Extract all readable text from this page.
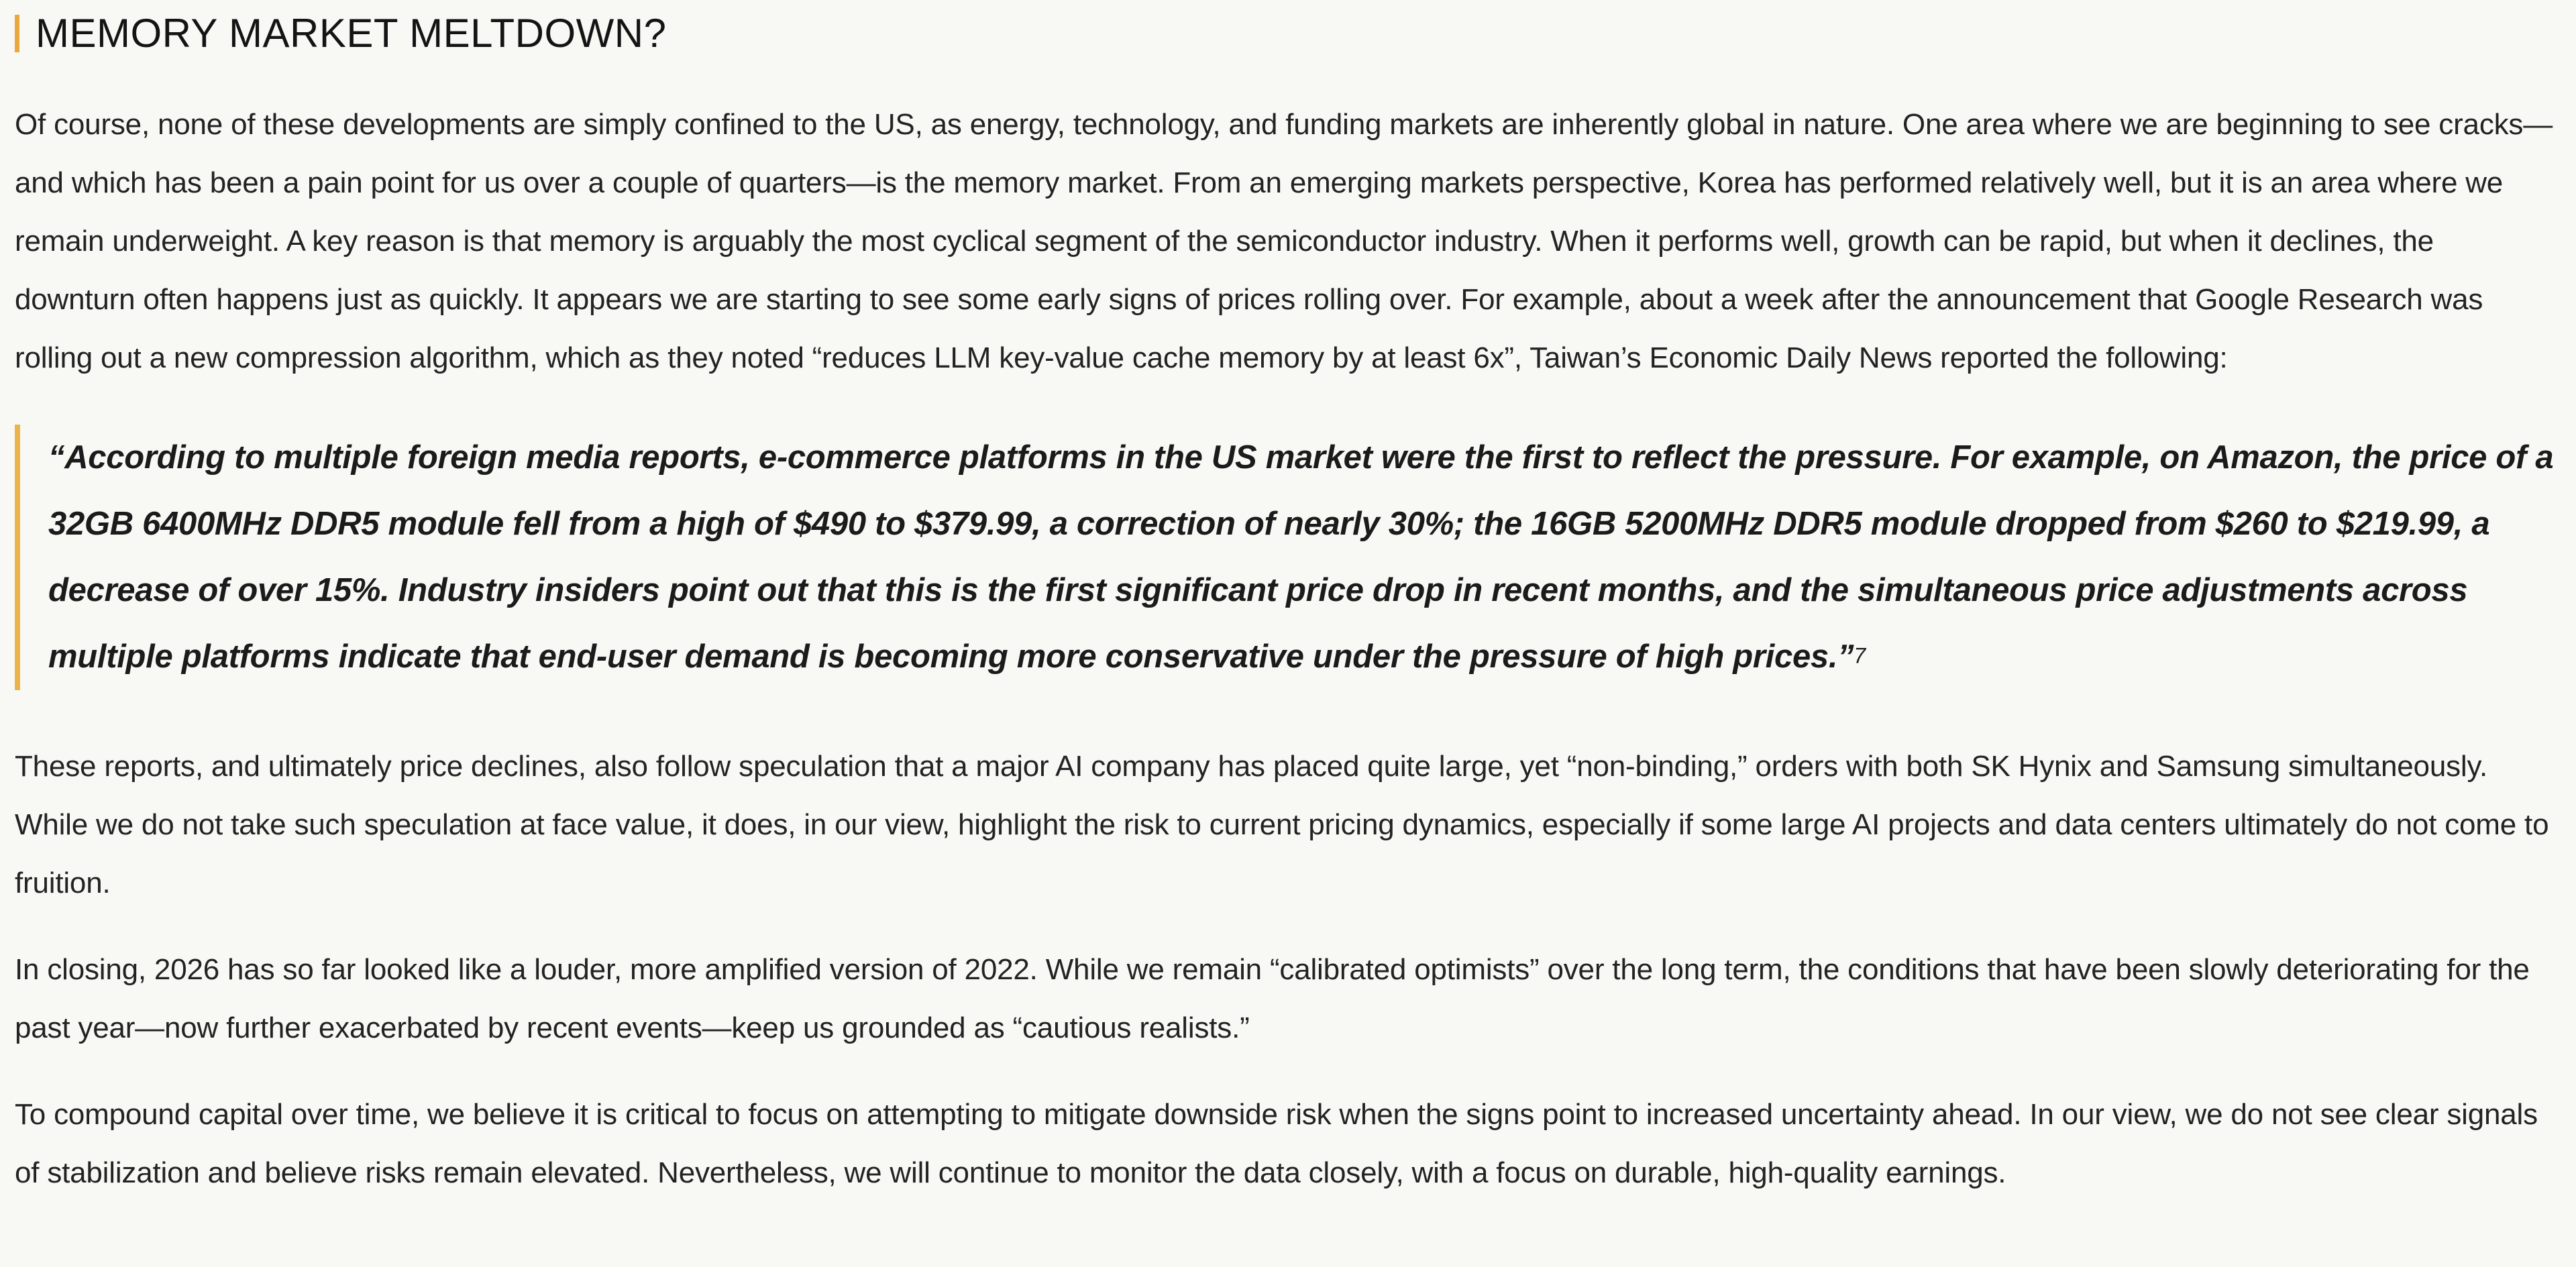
MEMORY MARKET MELTDOWN?

Of course, none of these developments are simply confined to the US, as energy, technology, and funding markets are inherently global in nature. One area where we are beginning to see cracks—and which has been a pain point for us over a couple of quarters—is the memory market. From an emerging markets perspective, Korea has performed relatively well, but it is an area where we remain underweight. A key reason is that memory is arguably the most cyclical segment of the semiconductor industry. When it performs well, growth can be rapid, but when it declines, the downturn often happens just as quickly. It appears we are starting to see some early signs of prices rolling over. For example, about a week after the announcement that Google Research was rolling out a new compression algorithm, which as they noted “reduces LLM key-value cache memory by at least 6x”, Taiwan’s Economic Daily News reported the following:

“According to multiple foreign media reports, e-commerce platforms in the US market were the first to reflect the pressure. For example, on Amazon, the price of a 32GB 6400MHz DDR5 module fell from a high of $490 to $379.99, a correction of nearly 30%; the 16GB 5200MHz DDR5 module dropped from $260 to $219.99, a decrease of over 15%. Industry insiders point out that this is the first significant price drop in recent months, and the simultaneous price adjustments across multiple platforms indicate that end-user demand is becoming more conservative under the pressure of high prices.”$^7$

These reports, and ultimately price declines, also follow speculation that a major AI company has placed quite large, yet “non-binding,” orders with both SK Hynix and Samsung simultaneously. While we do not take such speculation at face value, it does, in our view, highlight the risk to current pricing dynamics, especially if some large AI projects and data centers ultimately do not come to fruition.

In closing, 2026 has so far looked like a louder, more amplified version of 2022. While we remain “calibrated optimists” over the long term, the conditions that have been slowly deteriorating for the past year—now further exacerbated by recent events—keep us grounded as “cautious realists.”

To compound capital over time, we believe it is critical to focus on attempting to mitigate downside risk when the signs point to increased uncertainty ahead. In our view, we do not see clear signals of stabilization and believe risks remain elevated. Nevertheless, we will continue to monitor the data closely, with a focus on durable, high-quality earnings.
